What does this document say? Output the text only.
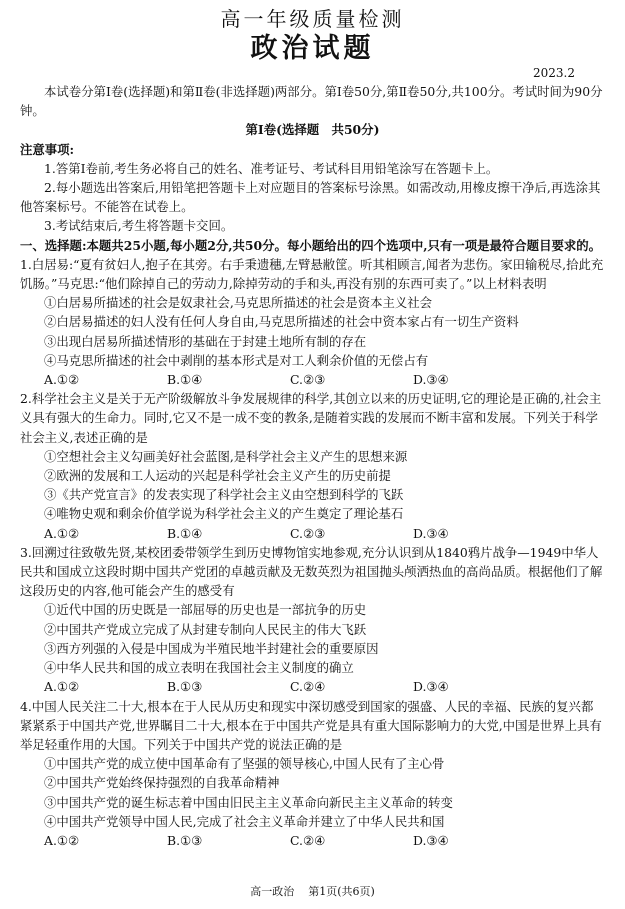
高一年级质量检测
政治试题
2023.2

本试卷分第Ⅰ卷(选择题)和第Ⅱ卷(非选择题)两部分。第Ⅰ卷50分,第Ⅱ卷50分,共100分。考试时间为90分钟。

第Ⅰ卷(选择题　共50分)

注意事项:

1.答第Ⅰ卷前,考生务必将自己的姓名、准考证号、考试科目用铅笔涂写在答题卡上。

2.每小题选出答案后,用铅笔把答题卡上对应题目的答案标号涂黑。如需改动,用橡皮擦干净后,再选涂其他答案标号。不能答在试卷上。

3.考试结束后,考生将答题卡交回。

一、选择题:本题共25小题,每小题2分,共50分。每小题给出的四个选项中,只有一项是最符合题目要求的。

1.白居易:“夏有贫妇人,抱子在其旁。右手秉遗穗,左臂悬敝筐。听其相顾言,闻者为悲伤。家田输税尽,拾此充饥肠。”马克思:“他们除掉自己的劳动力,除掉劳动的手和头,再没有别的东西可卖了。”以上材料表明

①白居易所描述的社会是奴隶社会,马克思所描述的社会是资本主义社会

②白居易描述的妇人没有任何人身自由,马克思所描述的社会中资本家占有一切生产资料

③出现白居易所描述情形的基础在于封建土地所有制的存在

④马克思所描述的社会中剥削的基本形式是对工人剩余价值的无偿占有

A.①②	B.①④	C.②③	D.③④

2.科学社会主义是关于无产阶级解放斗争发展规律的科学,其创立以来的历史证明,它的理论是正确的,社会主义具有强大的生命力。同时,它又不是一成不变的教条,是随着实践的发展而不断丰富和发展。下列关于科学社会主义,表述正确的是

①空想社会主义勾画美好社会蓝图,是科学社会主义产生的思想来源

②欧洲的发展和工人运动的兴起是科学社会主义产生的历史前提

③《共产党宣言》的发表实现了科学社会主义由空想到科学的飞跃

④唯物史观和剩余价值学说为科学社会主义的产生奠定了理论基石

A.①②	B.①④	C.②③	D.③④

3.回溯过往致敬先贤,某校团委带领学生到历史博物馆实地参观,充分认识到从1840鸦片战争—1949中华人民共和国成立这段时期中国共产党团的卓越贡献及无数英烈为祖国抛头颅洒热血的高尚品质。根据他们了解这段历史的内容,他可能会产生的感受有

①近代中国的历史既是一部屈辱的历史也是一部抗争的历史

②中国共产党成立完成了从封建专制向人民民主的伟大飞跃

③西方列强的入侵是中国成为半殖民地半封建社会的重要原因

④中华人民共和国的成立表明在我国社会主义制度的确立

A.①②	B.①③	C.②④	D.③④

4.中国人民关注二十大,根本在于人民从历史和现实中深切感受到国家的强盛、人民的幸福、民族的复兴都紧紧系于中国共产党,世界瞩目二十大,根本在于中国共产党是具有重大国际影响力的大党,中国是世界上具有举足轻重作用的大国。下列关于中国共产党的说法正确的是

①中国共产党的成立使中国革命有了坚强的领导核心,中国人民有了主心骨

②中国共产党始终保持强烈的自我革命精神

③中国共产党的诞生标志着中国由旧民主主义革命向新民主主义革命的转变

④中国共产党领导中国人民,完成了社会主义革命并建立了中华人民共和国

A.①②	B.①③	C.②④	D.③④
高一政治 第1页(共6页)
